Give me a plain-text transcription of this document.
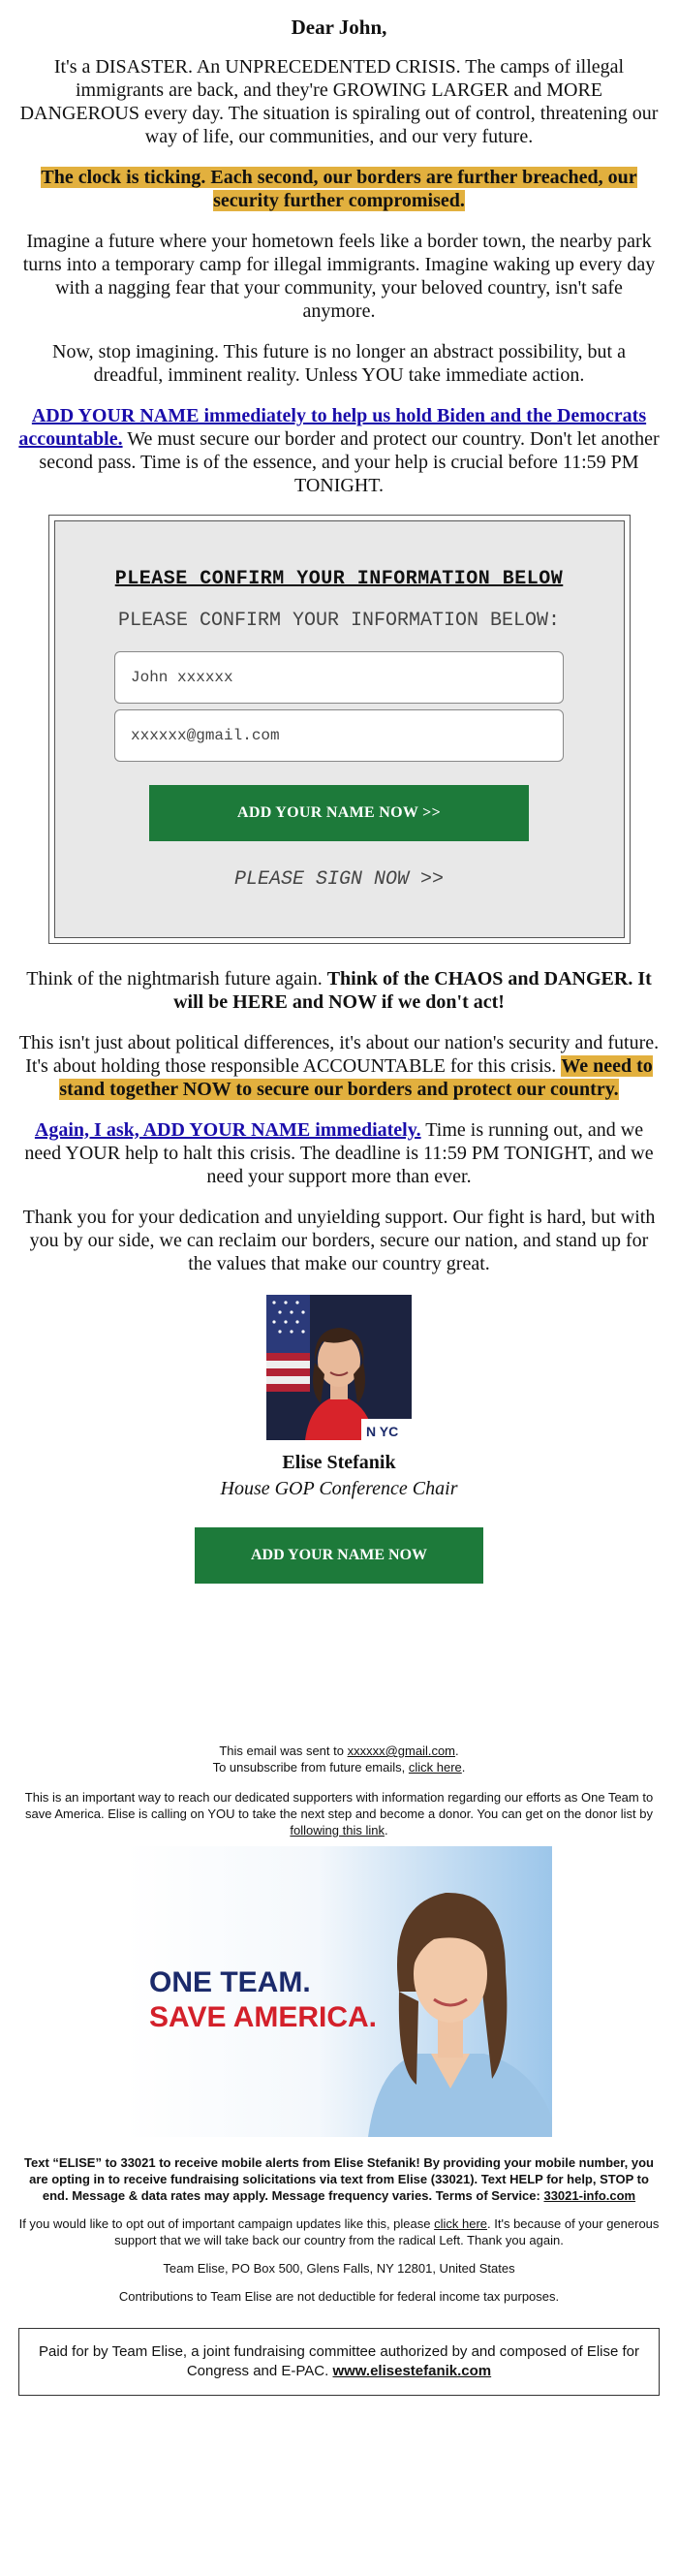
Dear John,

It's a DISASTER. An UNPRECEDENTED CRISIS. The camps of illegal immigrants are back, and they're GROWING LARGER and MORE DANGEROUS every day. The situation is spiraling out of control, threatening our way of life, our communities, and our very future.

The clock is ticking. Each second, our borders are further breached, our security further compromised.

Imagine a future where your hometown feels like a border town, the nearby park turns into a temporary camp for illegal immigrants. Imagine waking up every day with a nagging fear that your community, your beloved country, isn't safe anymore.

Now, stop imagining. This future is no longer an abstract possibility, but a dreadful, imminent reality. Unless YOU take immediate action.

ADD YOUR NAME immediately to help us hold Biden and the Democrats accountable. We must secure our border and protect our country. Don't let another second pass. Time is of the essence, and your help is crucial before 11:59 PM TONIGHT.

PLEASE CONFIRM YOUR INFORMATION BELOW
PLEASE CONFIRM YOUR INFORMATION BELOW:
John xxxxxx
xxxxxx@gmail.com
ADD YOUR NAME NOW >>
PLEASE SIGN NOW >>

Think of the nightmarish future again. Think of the CHAOS and DANGER. It will be HERE and NOW if we don't act!

This isn't just about political differences, it's about our nation's security and future. It's about holding those responsible ACCOUNTABLE for this crisis. We need to stand together NOW to secure our borders and protect our country.

Again, I ask, ADD YOUR NAME immediately. Time is running out, and we need YOUR help to halt this crisis. The deadline is 11:59 PM TONIGHT, and we need your support more than ever.

Thank you for your dedication and unyielding support. Our fight is hard, but with you by our side, we can reclaim our borders, secure our nation, and stand up for the values that make our country great.

N YC
Elise Stefanik
House GOP Conference Chair
ADD YOUR NAME NOW
This email was sent to xxxxxx@gmail.com.
To unsubscribe from future emails, click here.
This is an important way to reach our dedicated supporters with information regarding our efforts as One Team to save America. Elise is calling on YOU to take the next step and become a donor. You can get on the donor list by following this link.
ONE TEAM.
SAVE AMERICA.
Text “ELISE” to 33021 to receive mobile alerts from Elise Stefanik! By providing your mobile number, you are opting in to receive fundraising solicitations via text from Elise (33021). Text HELP for help, STOP to end. Message & data rates may apply. Message frequency varies. Terms of Service: 33021-info.com
If you would like to opt out of important campaign updates like this, please click here. It's because of your generous support that we will take back our country from the radical Left. Thank you again.
Team Elise, PO Box 500, Glens Falls, NY 12801, United States
Contributions to Team Elise are not deductible for federal income tax purposes.
Paid for by Team Elise, a joint fundraising committee authorized by and composed of Elise for Congress and E-PAC. www.elisestefanik.com
